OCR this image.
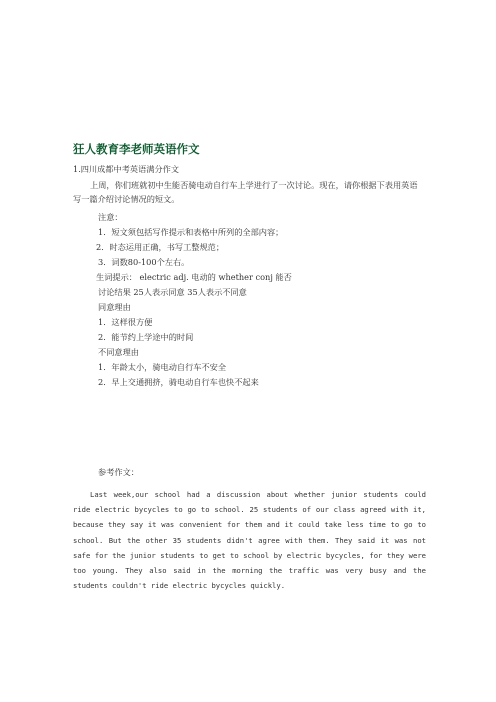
狂人教育李老师英语作文
1.四川成都中考英语满分作文
上周，你们班就初中生能否骑电动自行车上学进行了一次讨论。现在，请你根据下表用英语写一篇介绍讨论情况的短文。
注意：
1．短文须包括写作提示和表格中所列的全部内容；
2．时态运用正确，书写工整规范；
3．词数80-100个左右。
生词提示： electric adj. 电动的 whether conj 能否
讨论结果 25人表示同意 35人表示不同意
同意理由
1．这样很方便
2．能节约上学途中的时间
不同意理由
1．年龄太小，骑电动自行车不安全
2．早上交通拥挤，骑电动自行车也快不起来
参考作文：
Last week,our school had a discussion about whether junior students could ride electric bycycles to go to school. 25 students of our class agreed with it, because they say it was convenient for them and it could take less time to go to school. But the other 35 students didn't agree with them. They said it was not safe for the junior students to get to school by electric bycycles, for they were too young. They also said in the morning the traffic was very busy and the students couldn't ride electric bycycles quickly.
